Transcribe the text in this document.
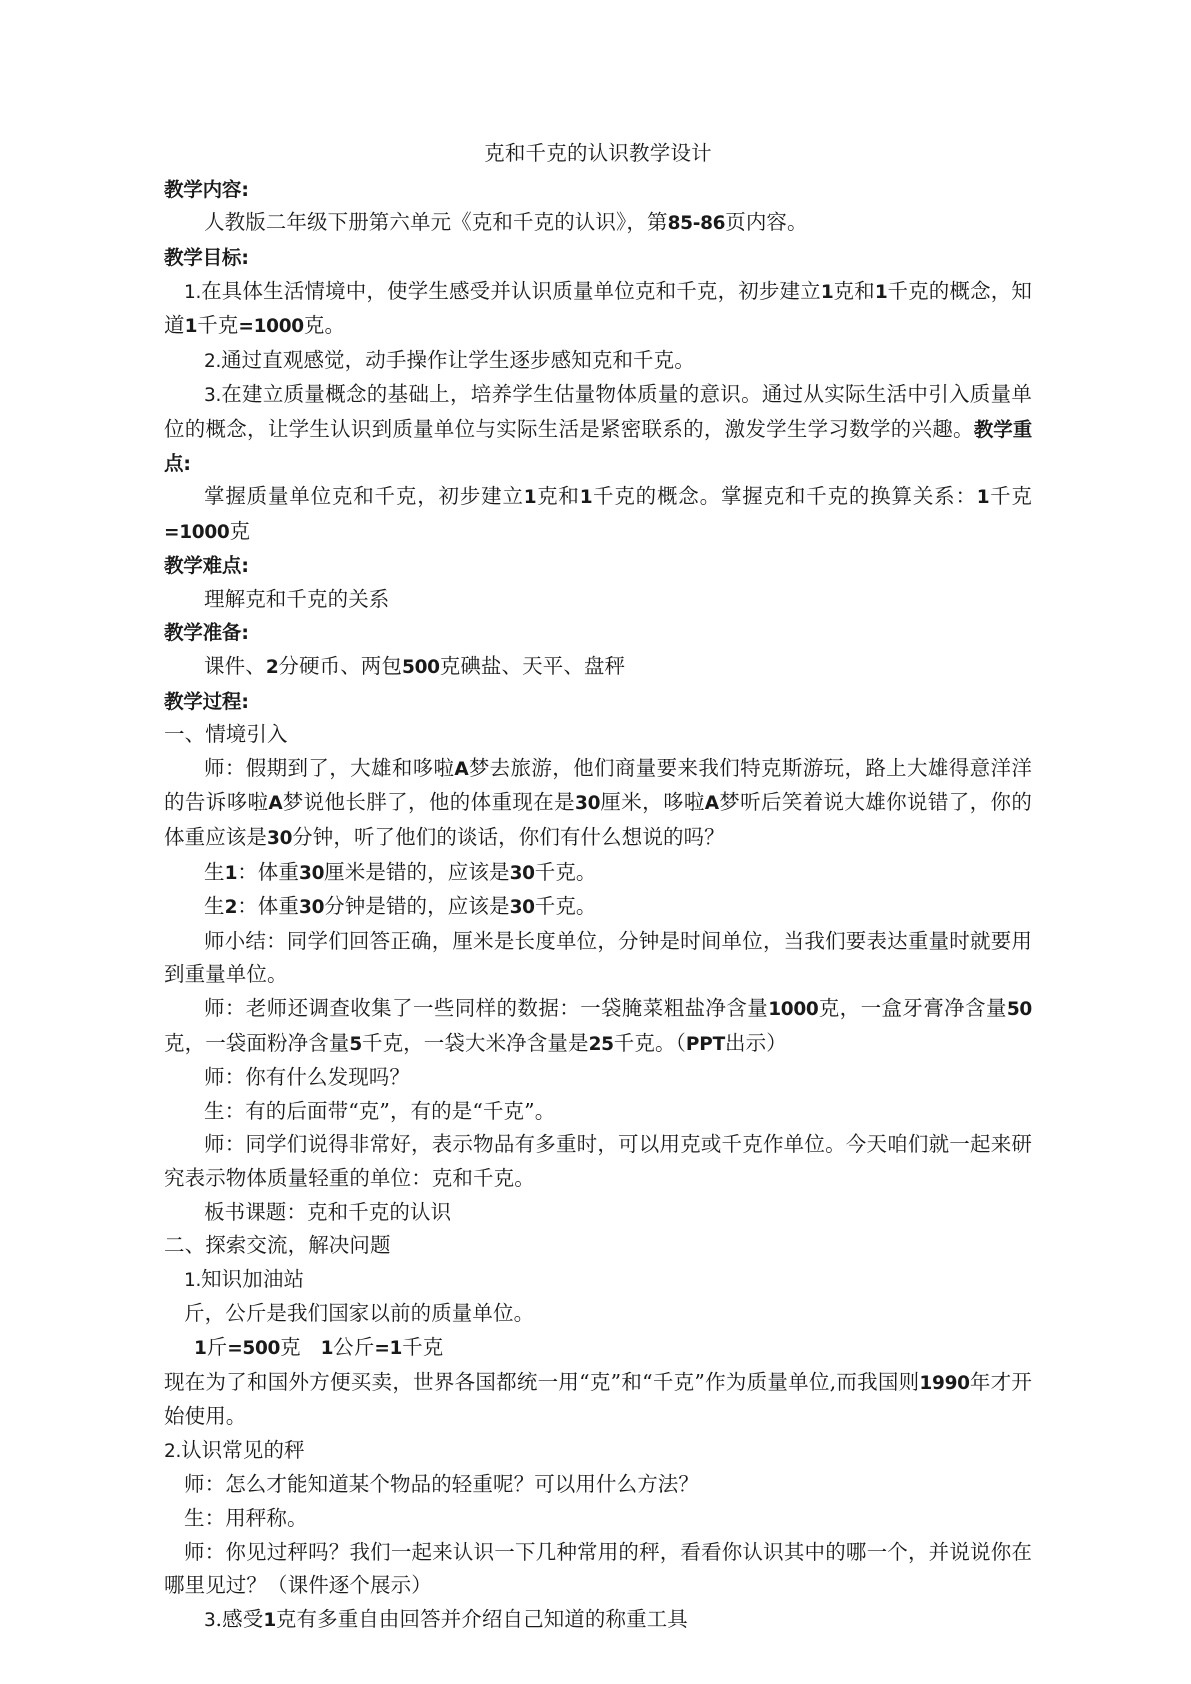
克和千克的认识教学设计

教学内容:

人教版二年级下册第六单元《克和千克的认识》，第85-86页内容。

教学目标:

1.在具体生活情境中，使学生感受并认识质量单位克和千克，初步建立1克和1千克的概念，知道1千克=1000克。

2.通过直观感觉，动手操作让学生逐步感知克和千克。

3.在建立质量概念的基础上，培养学生估量物体质量的意识。通过从实际生活中引入质量单位的概念，让学生认识到质量单位与实际生活是紧密联系的，激发学生学习数学的兴趣。教学重点:

掌握质量单位克和千克，初步建立1克和1千克的概念。掌握克和千克的换算关系：1千克=1000克

教学难点:

理解克和千克的关系

教学准备:

课件、2分硬币、两包500克碘盐、天平、盘秤

教学过程:

一、情境引入

师：假期到了，大雄和哆啦A梦去旅游，他们商量要来我们特克斯游玩，路上大雄得意洋洋的告诉哆啦A梦说他长胖了，他的体重现在是30厘米，哆啦A梦听后笑着说大雄你说错了，你的体重应该是30分钟，听了他们的谈话，你们有什么想说的吗？

生1：体重30厘米是错的，应该是30千克。

生2：体重30分钟是错的，应该是30千克。

师小结：同学们回答正确，厘米是长度单位，分钟是时间单位，当我们要表达重量时就要用到重量单位。

师：老师还调查收集了一些同样的数据：一袋腌菜粗盐净含量1000克，一盒牙膏净含量50克，一袋面粉净含量5千克，一袋大米净含量是25千克。（PPT出示）

师：你有什么发现吗？

生：有的后面带“克”，有的是“千克”。

师：同学们说得非常好，表示物品有多重时，可以用克或千克作单位。今天咱们就一起来研究表示物体质量轻重的单位：克和千克。

板书课题：克和千克的认识

二、探索交流，解决问题

1.知识加油站

斤，公斤是我们国家以前的质量单位。

1斤=500克 1公斤=1千克

现在为了和国外方便买卖，世界各国都统一用“克”和“千克”作为质量单位,而我国则1990年才开始使用。

2.认识常见的秤

师：怎么才能知道某个物品的轻重呢？可以用什么方法？

生：用秤称。

师：你见过秤吗？我们一起来认识一下几种常用的秤，看看你认识其中的哪一个，并说说你在哪里见过？（课件逐个展示）

3.感受1克有多重自由回答并介绍自己知道的称重工具
